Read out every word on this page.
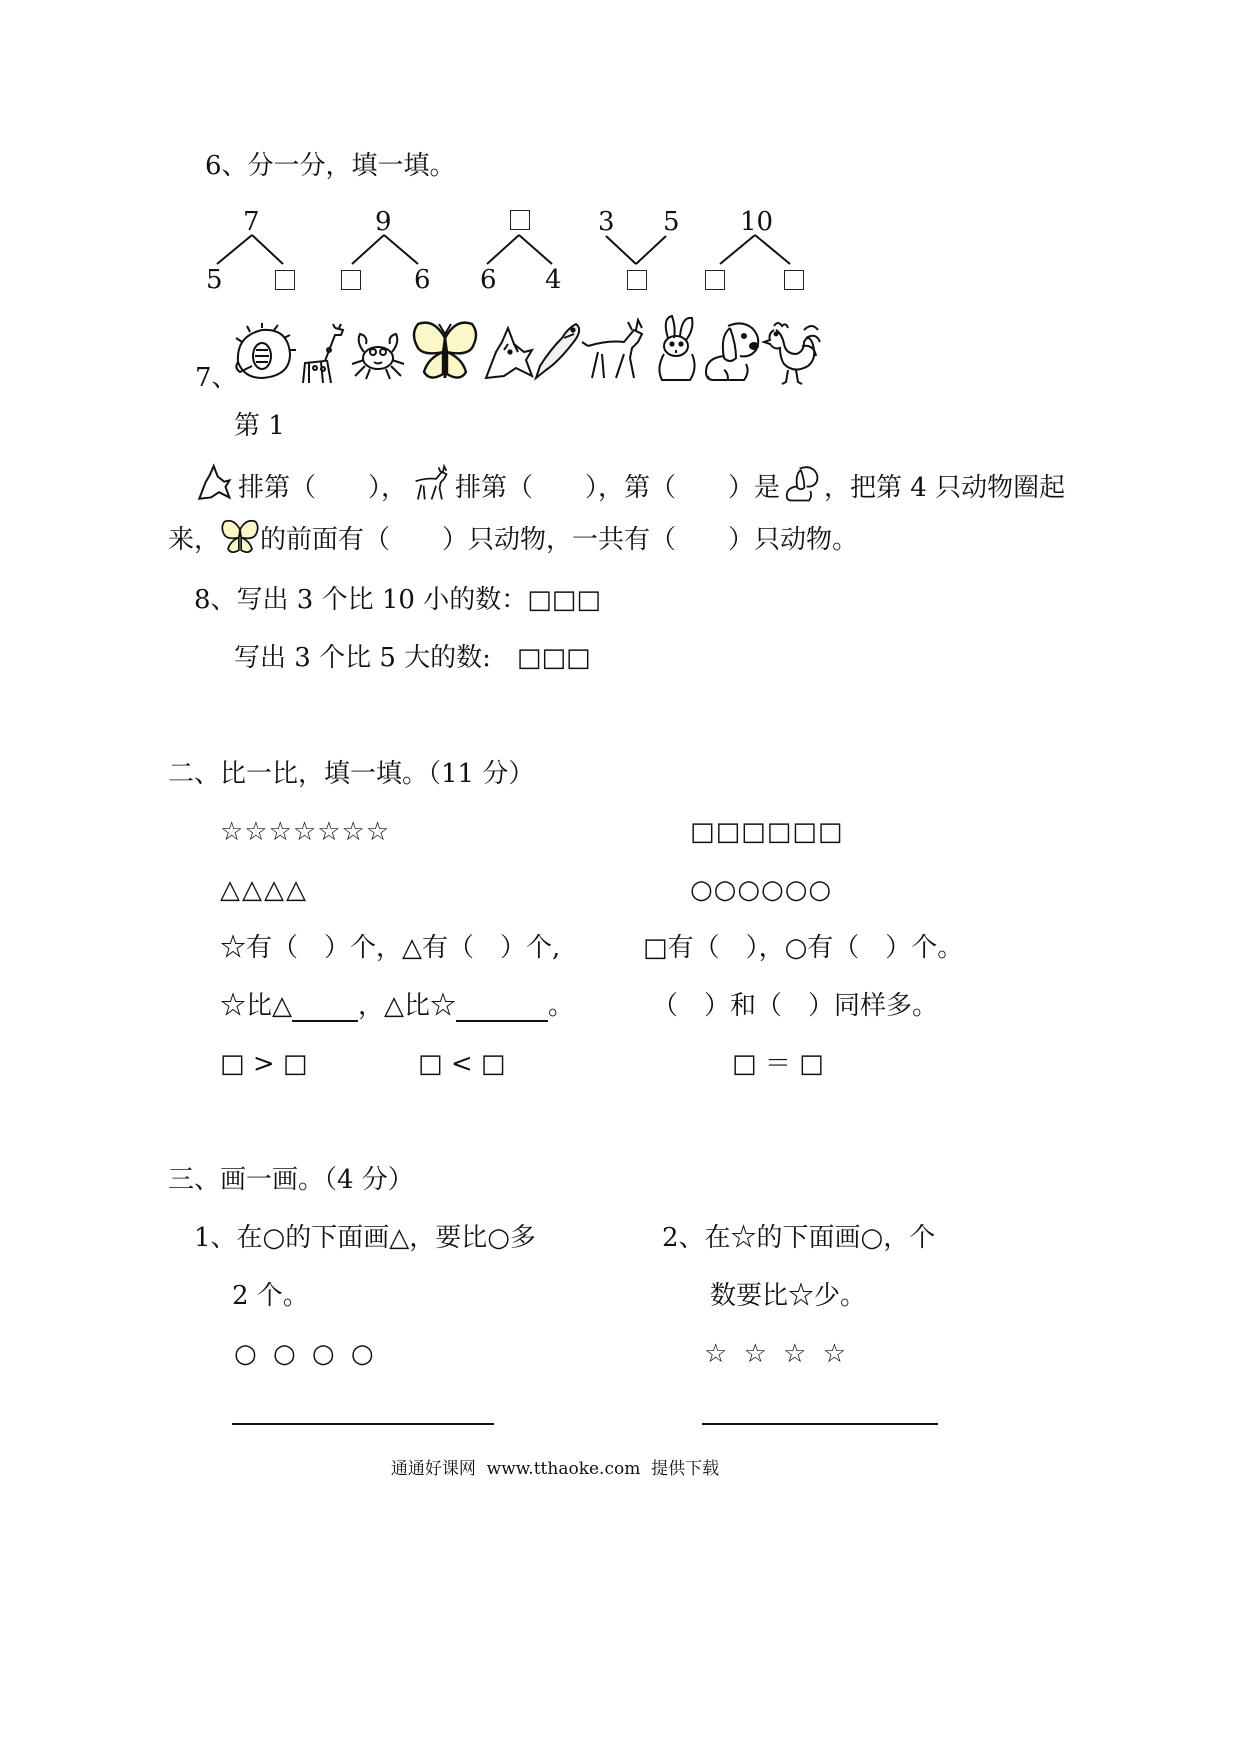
6、分一分，填一填。
7
5
9
6 6 4
3 5 10
7、
第 1
排第（　　）， 排第（　　），第（　　）是 ，把第 4 只动物圈起
来， 的前面有（　　）只动物，一共有（　　）只动物。
8、写出 3 个比 10 小的数：□□□
写出 3 个比 5 大的数:　□□□
二、比一比，填一填。（11 分）
☆☆☆☆☆☆☆	□□□□□□
△△△△	○○○○○○
☆有（　）个，△有（　）个,	□有（　），○有（　）个。
☆比△	，△比☆	。	（　）和（　）同样多。
□ > □	□ < □	□ ＝ □
三、画一画。（4 分）
1、在○的下面画△，要比○多
2 个。
○ ○ ○ ○
2、在☆的下面画○，个
数要比☆少。
☆ ☆ ☆ ☆
通通好课网  www.tthaoke.com  提供下载
